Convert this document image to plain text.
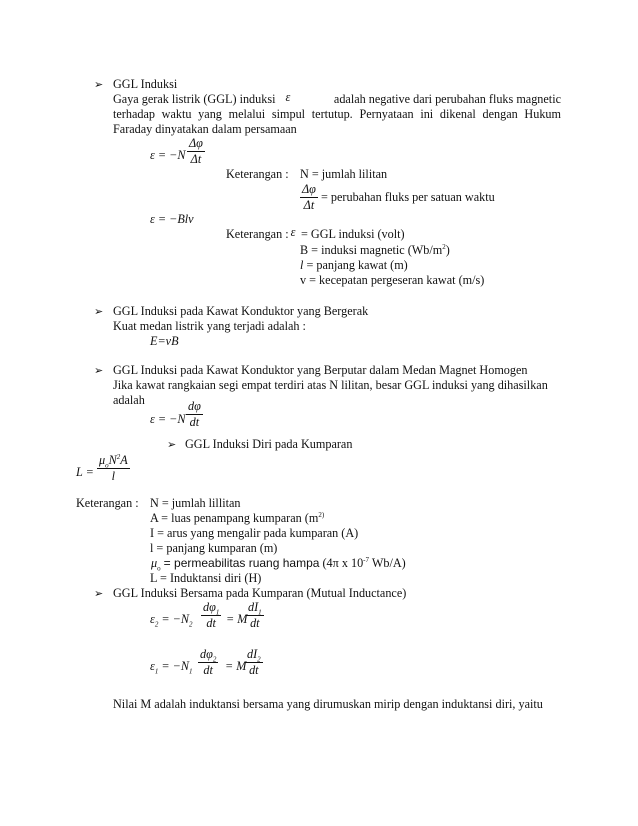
➢ GGL Induksi
Gaya gerak listrik (GGL) induksi ε	adalah negative dari perubahan fluks magnetic
terhadap waktu yang melalui simpul tertutup. Pernyataan ini dikenal dengan Hukum
Faraday dinyatakan dalam persamaan
$\varepsilon = -N \frac{\Delta\varphi}{\Delta t}$
Keterangan : N = jumlah lilitan
$\frac{\Delta\varphi}{\Delta t}$ = perubahan fluks per satuan waktu
ε = −Blv
Keterangan : ε = GGL induksi (volt)
B = induksi magnetic $(Wb/m^2)$
l = panjang kawat (m)
v = kecepatan pergeseran kawat (m/s)
➢ GGL Induksi pada Kawat Konduktor yang Bergerak
Kuat medan listrik yang terjadi adalah :
E=vB
➢ GGL Induksi pada Kawat Konduktor yang Berputar dalam Medan Magnet Homogen
Jika kawat rangkaian segi empat terdiri atas N lilitan, besar GGL induksi yang dihasilkan
adalah
$\varepsilon = -N \frac{d\varphi}{dt}$
➢ GGL Induksi Diri pada Kumparan
L =
$\mu_oN^2A$
l
Keterangan : N = jumlah lillitan
A = luas penampang kumparan ($m^{2)}$
I = arus yang mengalir pada kumparan (A)
l = panjang kumparan (m)
$\mu_o$ = permeabilitas ruang hampa (4π x $10^{-7}$ Wb/A)
L = Induktansi diri (H)
➢ GGL Induksi Bersama pada Kumparan (Mutual Inductance)
$\varepsilon_2 = -N_2 \frac{d\varphi_1}{dt} = M$
$\frac{dI_1}{dt}$
$\varepsilon_1 = -N_1 \frac{d\varphi_2}{dt} = M$
$\frac{dI_2}{dt}$
Nilai M adalah induktansi bersama yang dirumuskan mirip dengan induktansi diri, yaitu
